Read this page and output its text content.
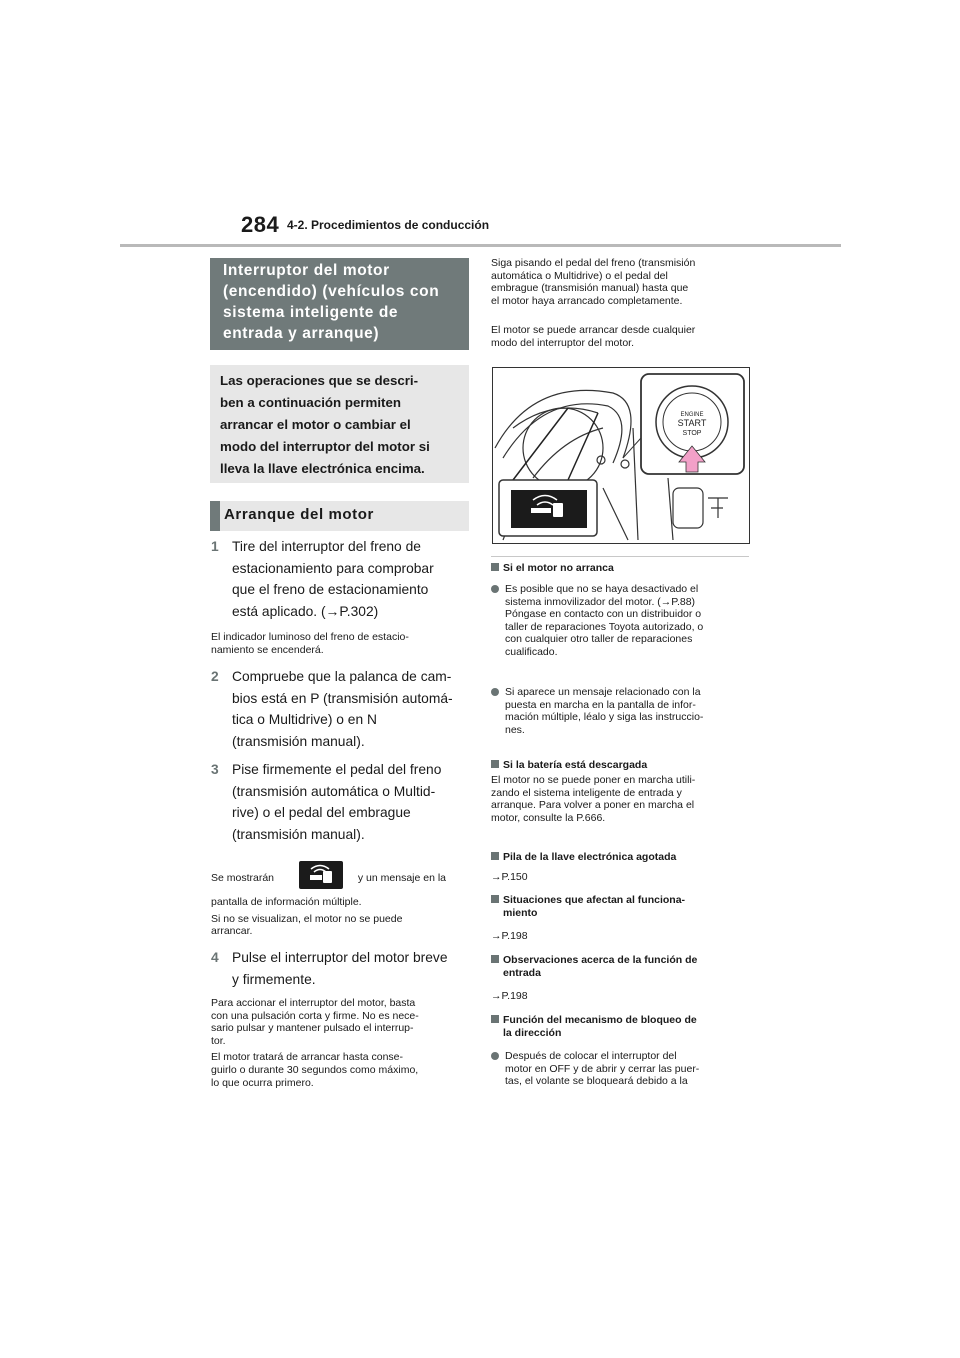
284 4-2. Procedimientos de conducción
Interruptor del motor
(encendido) (vehículos con
sistema inteligente de
entrada y arranque)
Las operaciones que se descri-
ben a continuación permiten
arrancar el motor o cambiar el
modo del interruptor del motor si
lleva la llave electrónica encima.
Arranque del motor
1 Tire del interruptor del freno de
estacionamiento para comprobar
que el freno de estacionamiento
está aplicado. (→P.302)
El indicador luminoso del freno de estacio-
namiento se encenderá.
2 Compruebe que la palanca de cam-
bios está en P (transmisión automá-
tica o Multidrive) o en N
(transmisión manual).
3 Pise firmemente el pedal del freno
(transmisión automática o Multid-
rive) o el pedal del embrague
(transmisión manual).
Se mostrarán	y un mensaje en la
pantalla de información múltiple.
Si no se visualizan, el motor no se puede
arrancar.
4 Pulse el interruptor del motor breve
y firmemente.
Para accionar el interruptor del motor, basta
con una pulsación corta y firme. No es nece-
sario pulsar y mantener pulsado el interrup-
tor.
El motor tratará de arrancar hasta conse-
guirlo o durante 30 segundos como máximo,
lo que ocurra primero.
Siga pisando el pedal del freno (transmisión
automática o Multidrive) o el pedal del
embrague (transmisión manual) hasta que
el motor haya arrancado completamente.
El motor se puede arrancar desde cualquier
modo del interruptor del motor.
ENGINE
START
STOP
Si el motor no arranca
Es posible que no se haya desactivado el
sistema inmovilizador del motor. (→P.88)
Póngase en contacto con un distribuidor o
taller de reparaciones Toyota autorizado, o
con cualquier otro taller de reparaciones
cualificado.
Si aparece un mensaje relacionado con la
puesta en marcha en la pantalla de infor-
mación múltiple, léalo y siga las instruccio-
nes.
Si la batería está descargada
El motor no se puede poner en marcha utili-
zando el sistema inteligente de entrada y
arranque. Para volver a poner en marcha el
motor, consulte la P.666.
Pila de la llave electrónica agotada
→P.150
Situaciones que afectan al funciona-
miento
→P.198
Observaciones acerca de la función de
entrada
→P.198
Función del mecanismo de bloqueo de
la dirección
Después de colocar el interruptor del
motor en OFF y de abrir y cerrar las puer-
tas, el volante se bloqueará debido a la
